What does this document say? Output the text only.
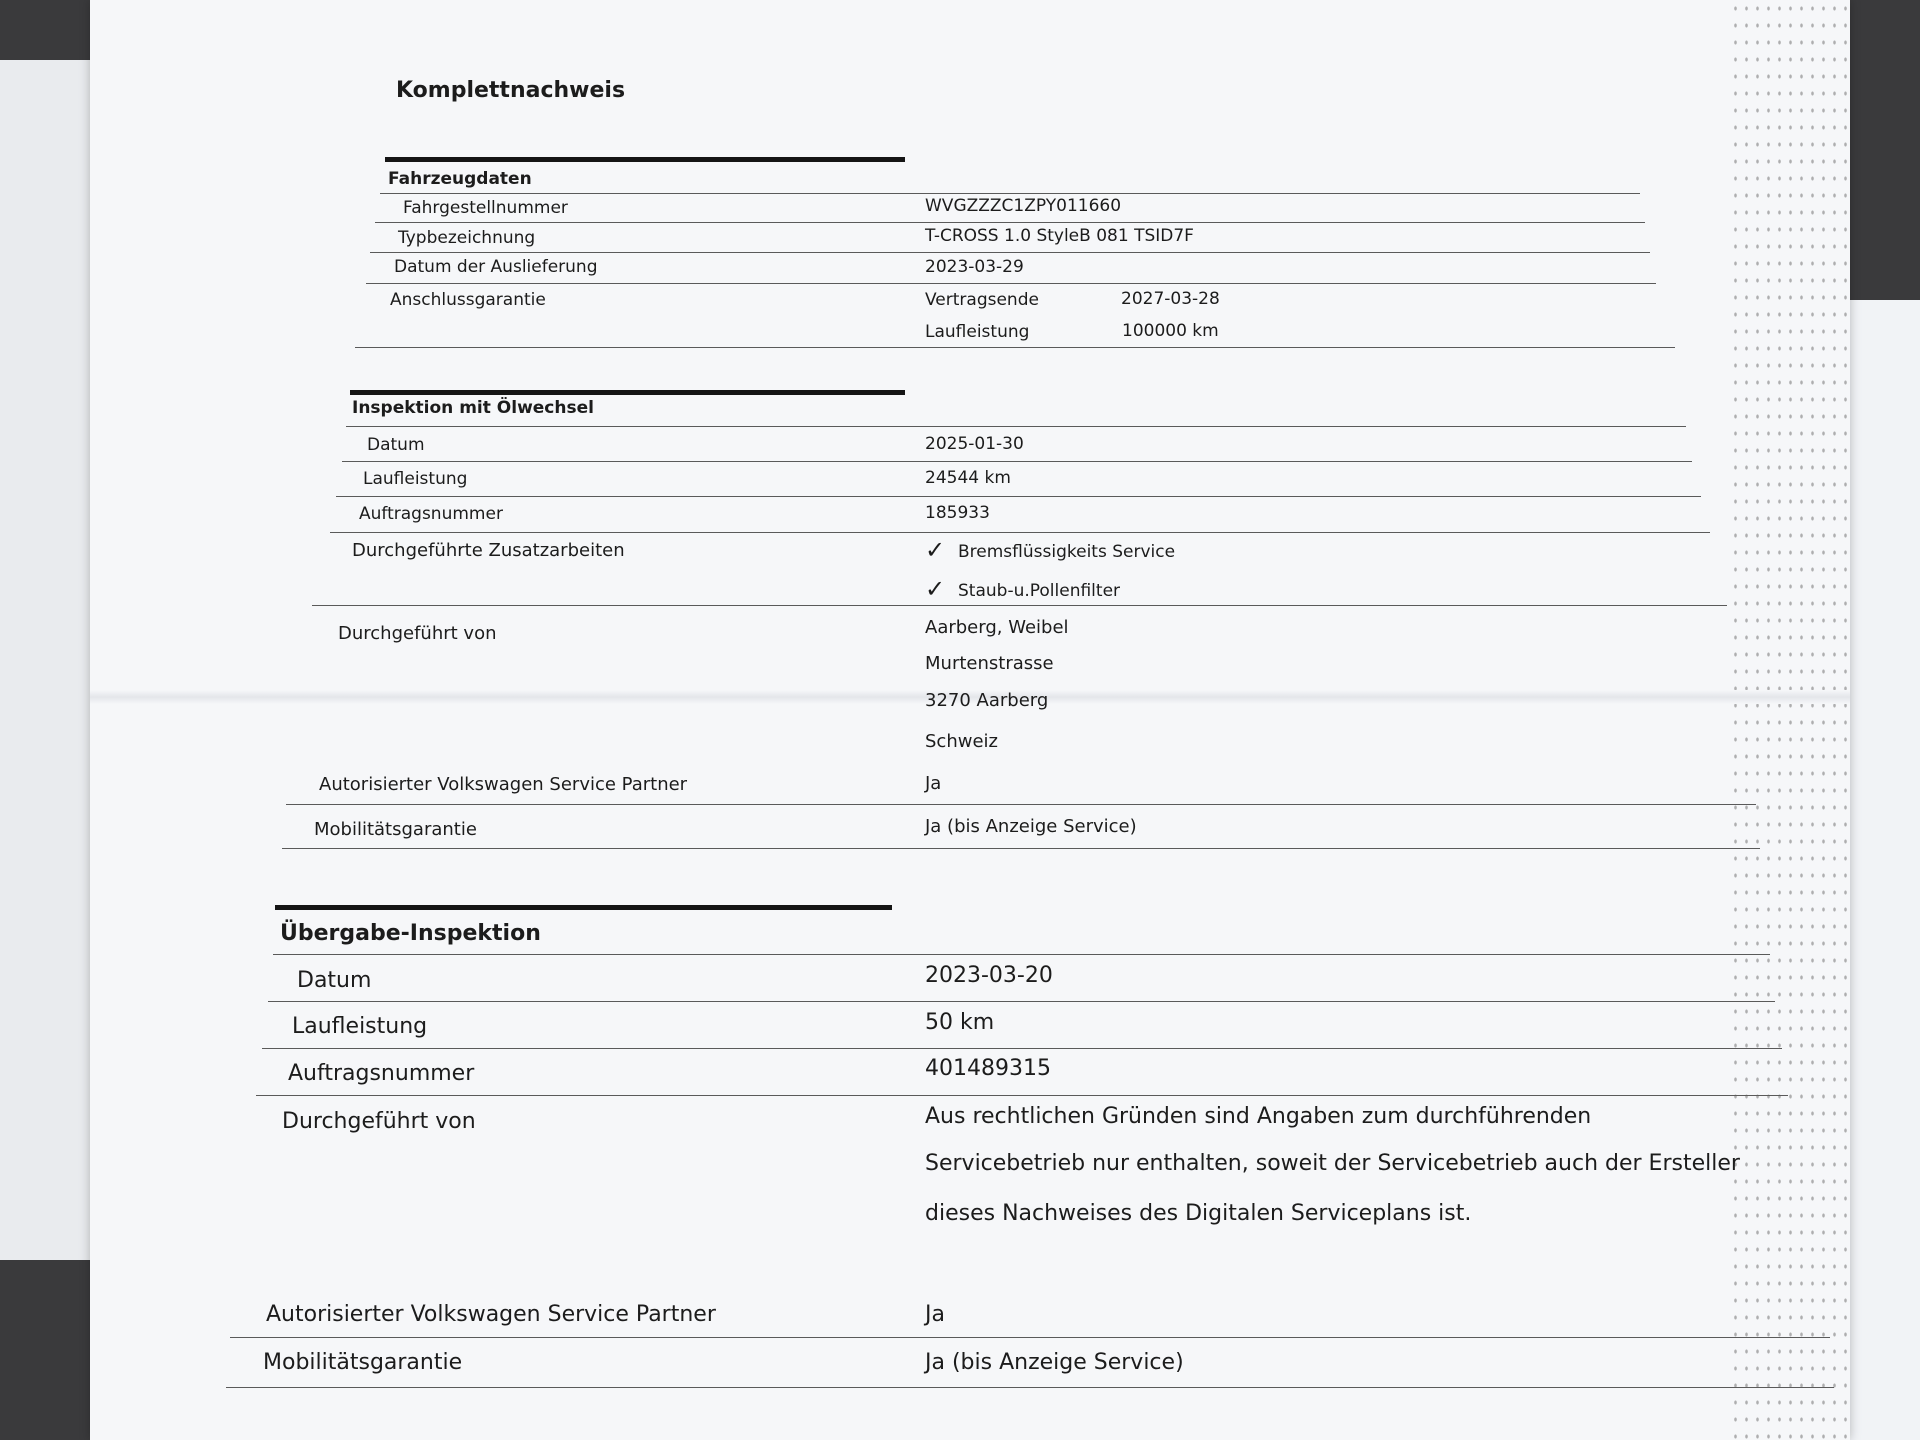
Komplettnachweis
Fahrzeugdaten
Fahrgestellnummer	WVGZZZC1ZPY011660
Typbezeichnung	T-CROSS 1.0 StyleB 081 TSID7F
Datum der Auslieferung	2023-03-29
Anschlussgarantie	Vertragsende	2027-03-28
Laufleistung	100000 km
Inspektion mit Ölwechsel
Datum	2025-01-30
Laufleistung	24544 km
Auftragsnummer	185933
Durchgeführte Zusatzarbeiten	✓ Bremsflüssigkeits Service
✓ Staub-u.Pollenfilter
Durchgeführt von	Aarberg, Weibel
Murtenstrasse
3270 Aarberg
Schweiz
Autorisierter Volkswagen Service Partner	Ja
Mobilitätsgarantie	Ja (bis Anzeige Service)
Übergabe-Inspektion
Datum	2023-03-20
Laufleistung	50 km
Auftragsnummer	401489315
Durchgeführt von	Aus rechtlichen Gründen sind Angaben zum durchführenden
Servicebetrieb nur enthalten, soweit der Servicebetrieb auch der Ersteller
dieses Nachweises des Digitalen Serviceplans ist.
Autorisierter Volkswagen Service Partner	Ja
Mobilitätsgarantie	Ja (bis Anzeige Service)
